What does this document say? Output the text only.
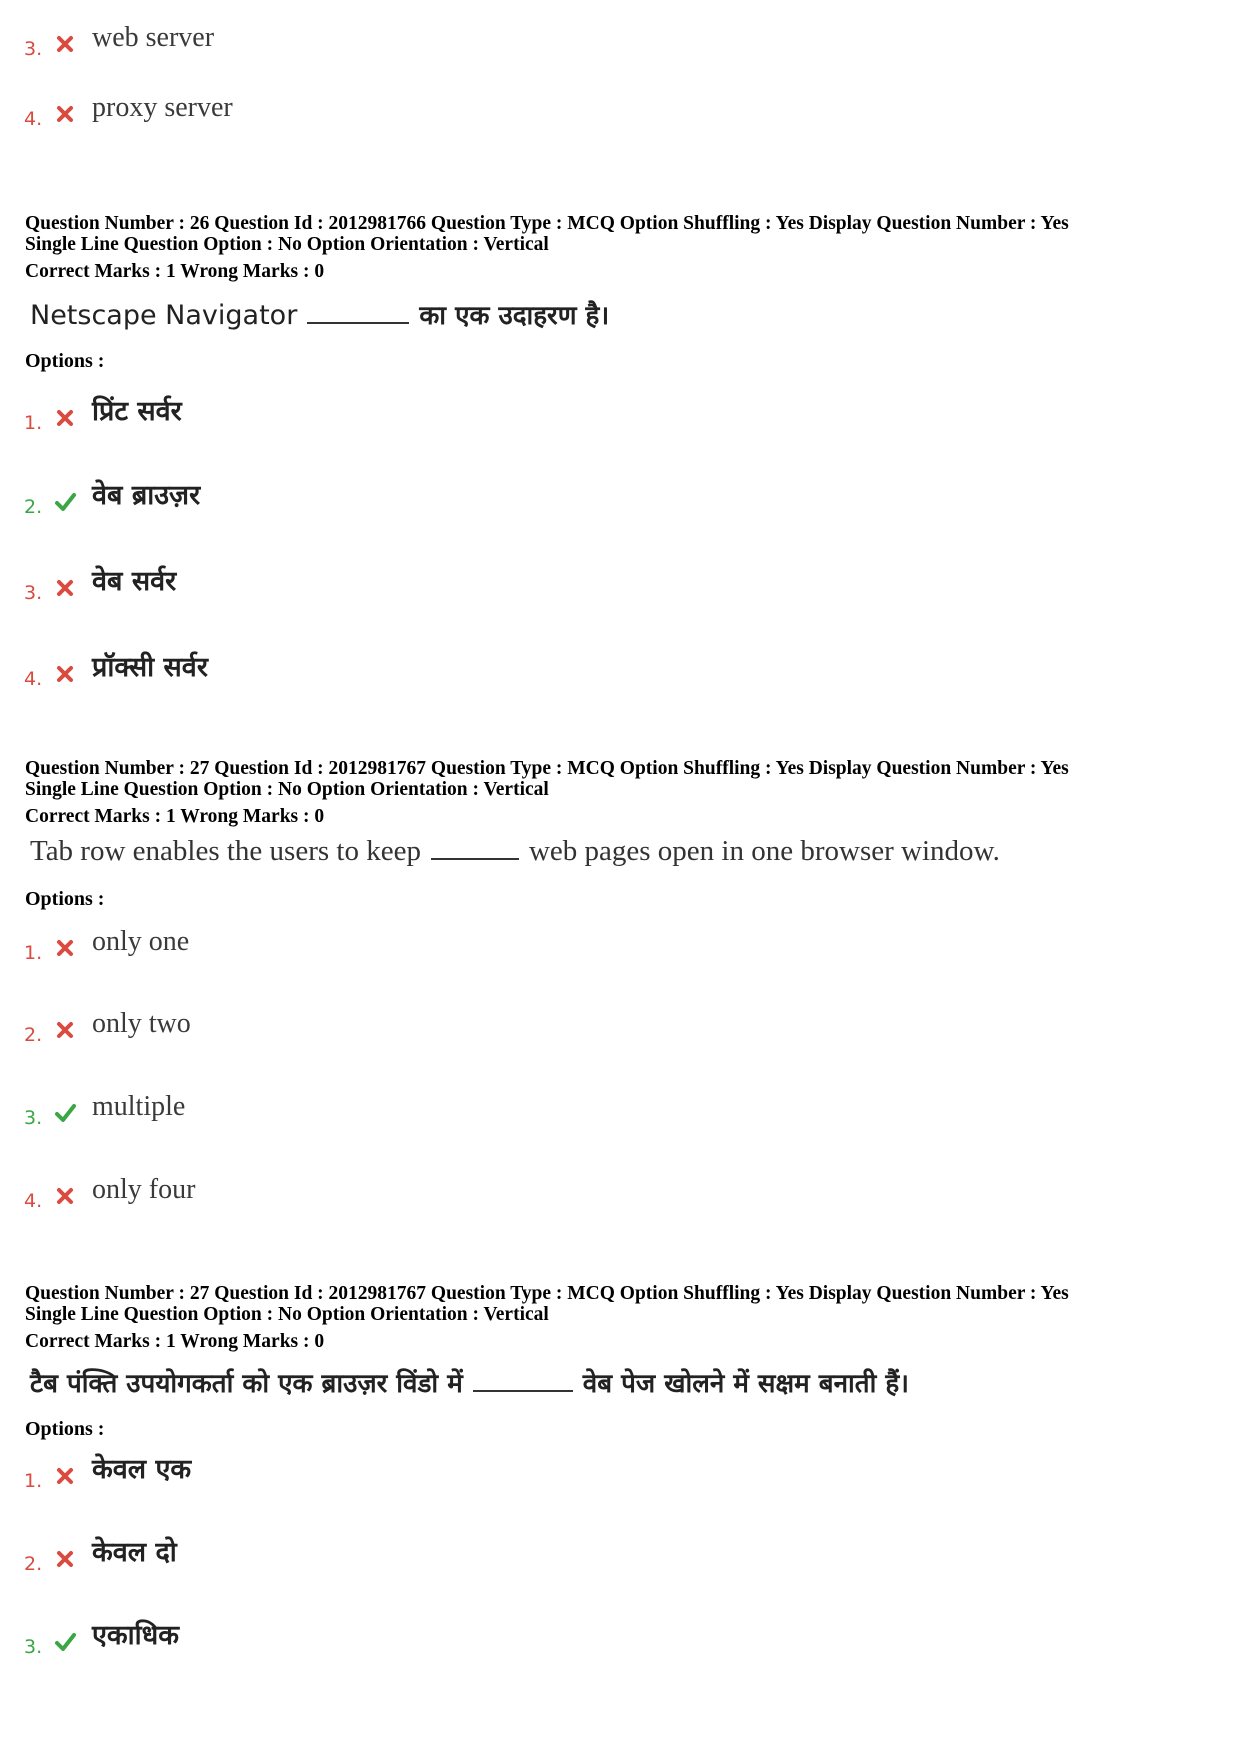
3. web server
4. proxy server
Question Number : 26 Question Id : 2012981766 Question Type : MCQ Option Shuffling : Yes Display Question Number : Yes
Single Line Question Option : No Option Orientation : Vertical
Correct Marks : 1 Wrong Marks : 0
Netscape Navigator	का एक उदाहरण है।
Options :
1. प्रिंट सर्वर
2. वेब ब्राउज़र
3. वेब सर्वर
4. प्रॉक्सी सर्वर
Question Number : 27 Question Id : 2012981767 Question Type : MCQ Option Shuffling : Yes Display Question Number : Yes
Single Line Question Option : No Option Orientation : Vertical
Correct Marks : 1 Wrong Marks : 0
Tab row enables the users to keep	web pages open in one browser window.
Options :
1. only one
2. only two
3. multiple
4. only four
Question Number : 27 Question Id : 2012981767 Question Type : MCQ Option Shuffling : Yes Display Question Number : Yes
Single Line Question Option : No Option Orientation : Vertical
Correct Marks : 1 Wrong Marks : 0
टैब पंक्ति उपयोगकर्ता को एक ब्राउज़र विंडो में	वेब पेज खोलने में सक्षम बनाती हैं।
Options :
1. केवल एक
2. केवल दो
3. एकाधिक
